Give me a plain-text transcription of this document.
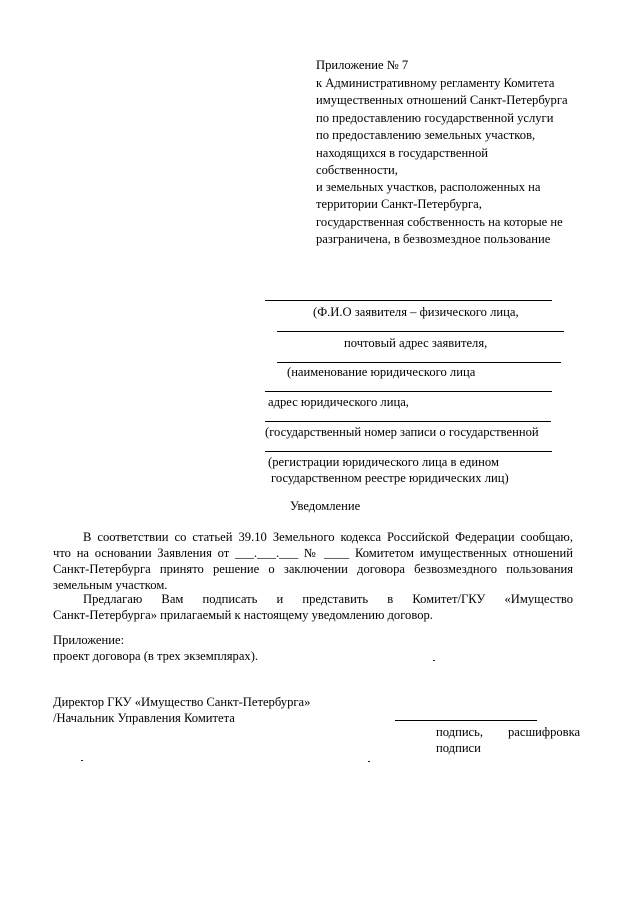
Приложение № 7
к Административному регламенту Комитета
имущественных отношений Санкт-Петербурга
по предоставлению государственной услуги
по предоставлению земельных участков,
находящихся в государственной
собственности,
и земельных участков, расположенных на
территории Санкт-Петербурга,
государственная собственность на которые не
разграничена, в безвозмездное пользование
(Ф.И.О заявителя – физического лица,
почтовый адрес заявителя,
(наименование юридического лица
адрес юридического лица,
(государственный номер записи о государственной
(регистрации юридического лица в едином
государственном реестре юридических лиц)
Уведомление
В соответствии со статьей 39.10 Земельного кодекса Российской Федерации сообщаю,
что на основании Заявления от ___.___.___ № ____ Комитетом имущественных отношений
Санкт-Петербурга принято решение о заключении договора безвозмездного пользования
земельным участком.
Предлагаю Вам подписать и представить в Комитет/ГКУ «Имущество
Санкт-Петербурга» прилагаемый к настоящему уведомлению договор.
Приложение:
проект договора (в трех экземплярах).
Директор ГКУ «Имущество Санкт-Петербурга»
/Начальник Управления Комитета
подпись, расшифровка
подписи
